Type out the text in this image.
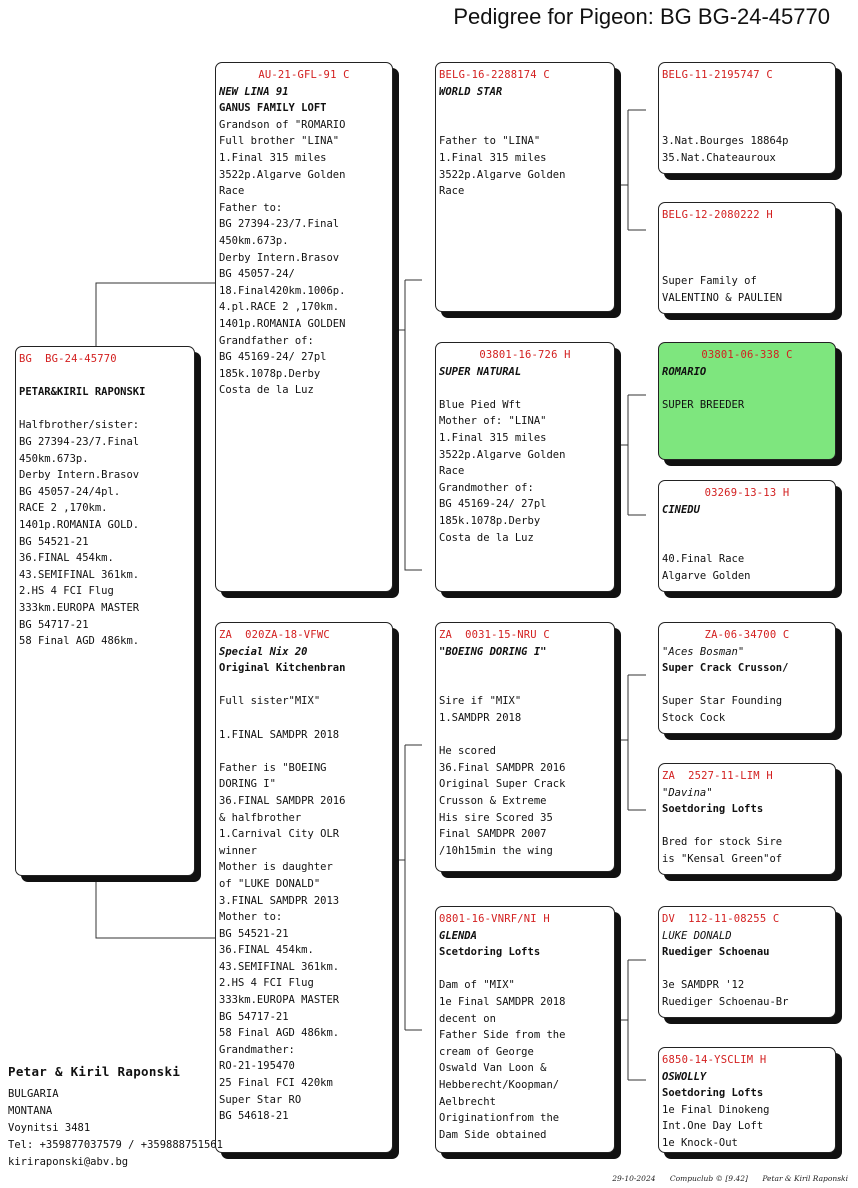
Pedigree for Pigeon: BG BG-24-45770
BG  BG-24-45770
PETAR&KIRIL RAPONSKI
Halfbrother/sister:
BG 27394-23/7.Final
450km.673p.
Derby Intern.Brasov
BG 45057-24/4pl.
RACE 2 ,170km.
1401p.ROMANIA GOLD.
BG 54521-21
36.FINAL 454km.
43.SEMIFINAL 361km.
2.HS 4 FCI Flug
333km.EUROPA MASTER
BG 54717-21
58 Final AGD 486km.
AU-21-GFL-91 C
NEW LINA 91
GANUS FAMILY LOFT
Grandson of "ROMARIO
Full brother "LINA"
1.Final 315 miles
3522p.Algarve Golden
Race
Father to:
BG 27394-23/7.Final
450km.673p.
Derby Intern.Brasov
BG 45057-24/
18.Final420km.1006p.
4.pl.RACE 2 ,170km.
1401p.ROMANIA GOLDEN
Grandfather of:
BG 45169-24/ 27pl
185k.1078p.Derby
Costa de la Luz
ZA  020ZA-18-VFWC
Special Nix 20
Original Kitchenbran
Full sister"MIX"
1.FINAL SAMDPR 2018
Father is "BOEING
DORING I"
36.FINAL SAMDPR 2016
& halfbrother
1.Carnival City OLR
winner
Mother is daughter
of "LUKE DONALD"
3.FINAL SAMDPR 2013
Mother to:
BG 54521-21
36.FINAL 454km.
43.SEMIFINAL 361km.
2.HS 4 FCI Flug
333km.EUROPA MASTER
BG 54717-21
58 Final AGD 486km.
Grandmather:
RO-21-195470
25 Final FCI 420km
Super Star RO
BG 54618-21
BELG-16-2288174 C
WORLD STAR
Father to "LINA"
1.Final 315 miles
3522p.Algarve Golden
Race
03801-16-726 H
SUPER NATURAL
Blue Pied Wft
Mother of: "LINA"
1.Final 315 miles
3522p.Algarve Golden
Race
Grandmother of:
BG 45169-24/ 27pl
185k.1078p.Derby
Costa de la Luz
ZA  0031-15-NRU C
"BOEING DORING I"
Sire if "MIX"
1.SAMDPR 2018
He scored
36.Final SAMDPR 2016
Original Super Crack
Crusson & Extreme
His sire Scored 35
Final SAMDPR 2007
/10h15min the wing
0801-16-VNRF/NI H
GLENDA
Scetdoring Lofts
Dam of "MIX"
1e Final SAMDPR 2018
decent on
Father Side from the
cream of George
Oswald Van Loon &
Hebberecht/Koopman/
Aelbrecht
Originationfrom the
Dam Side obtained
BELG-11-2195747 C
3.Nat.Bourges 18864p
35.Nat.Chateauroux
BELG-12-2080222 H
Super Family of
VALENTINO & PAULIEN
03801-06-338 C
ROMARIO
SUPER BREEDER
03269-13-13 H
CINEDU
40.Final Race
Algarve Golden
ZA-06-34700 C
"Aces Bosman"
Super Crack Crusson/
Super Star Founding
Stock Cock
ZA  2527-11-LIM H
"Davina"
Soetdoring Lofts
Bred for stock Sire
is "Kensal Green"of
DV  112-11-08255 C
LUKE DONALD
Ruediger Schoenau
3e SAMDPR '12
Ruediger Schoenau-Br
6850-14-YSCLIM H
OSWOLLY
Soetdoring Lofts
1e Final Dinokeng
Int.One Day Loft
1e Knock-Out
Petar & Kiril Raponski
BULGARIA
MONTANA
Voynitsi 3481
Tel: +359877037579 / +359888751561
kiriraponski@abv.bg
29-10-2024 Compuclub © [9.42] Petar & Kiril Raponski
